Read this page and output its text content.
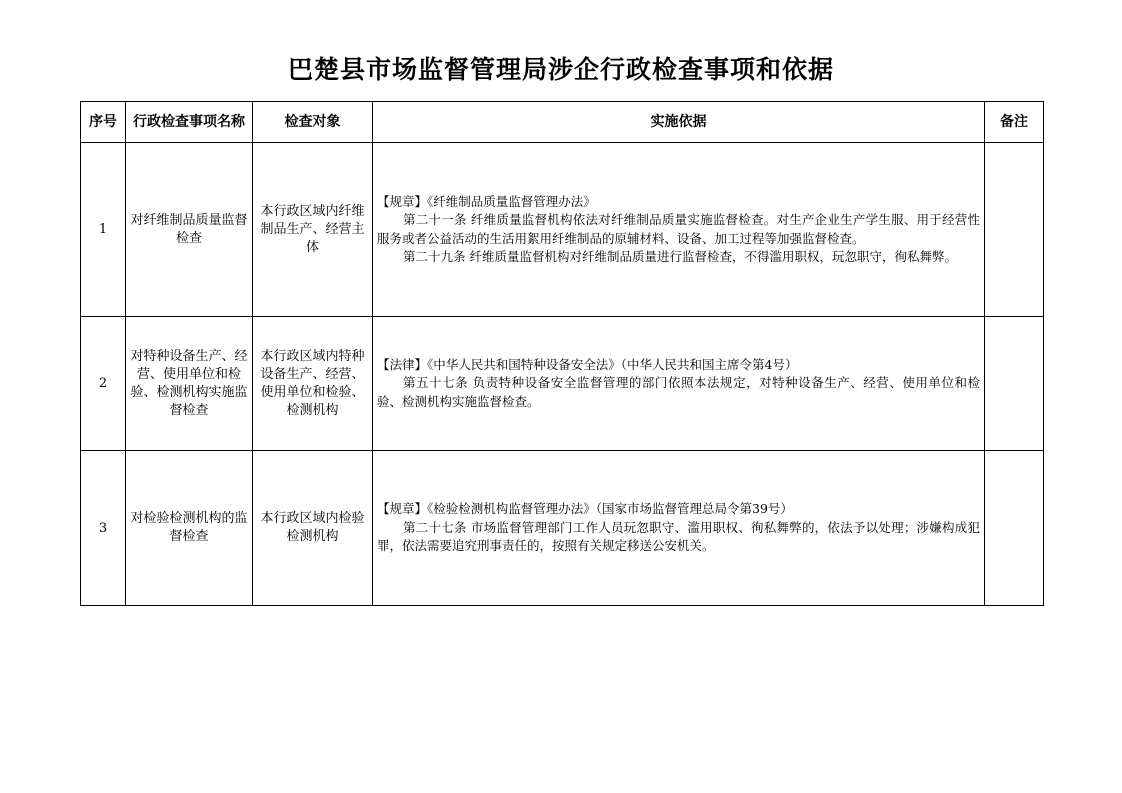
巴楚县市场监督管理局涉企行政检查事项和依据
序号	行政检查事项名称	检查对象	实施依据	备注
1	对纤维制品质量监督检查	本行政区域内纤维制品生产、经营主体	【规章】《纤维制品质量监督管理办法》

第二十一条 纤维质量监督机构依法对纤维制品质量实施监督检查。对生产企业生产学生服、用于经营性服务或者公益活动的生活用絮用纤维制品的原辅材料、设备、加工过程等加强监督检查。

第二十九条 纤维质量监督机构对纤维制品质量进行监督检查，不得滥用职权，玩忽职守，徇私舞弊。	

2	对特种设备生产、经营、使用单位和检验、检测机构实施监督检查	本行政区域内特种设备生产、经营、使用单位和检验、检测机构	【法律】《中华人民共和国特种设备安全法》（中华人民共和国主席令第4号）

第五十七条 负责特种设备安全监督管理的部门依照本法规定，对特种设备生产、经营、使用单位和检验、检测机构实施监督检查。	

3	对检验检测机构的监督检查	本行政区域内检验检测机构	【规章】《检验检测机构监督管理办法》（国家市场监督管理总局令第39号）

第二十七条 市场监督管理部门工作人员玩忽职守、滥用职权、徇私舞弊的，依法予以处理；涉嫌构成犯罪，依法需要追究刑事责任的，按照有关规定移送公安机关。	
